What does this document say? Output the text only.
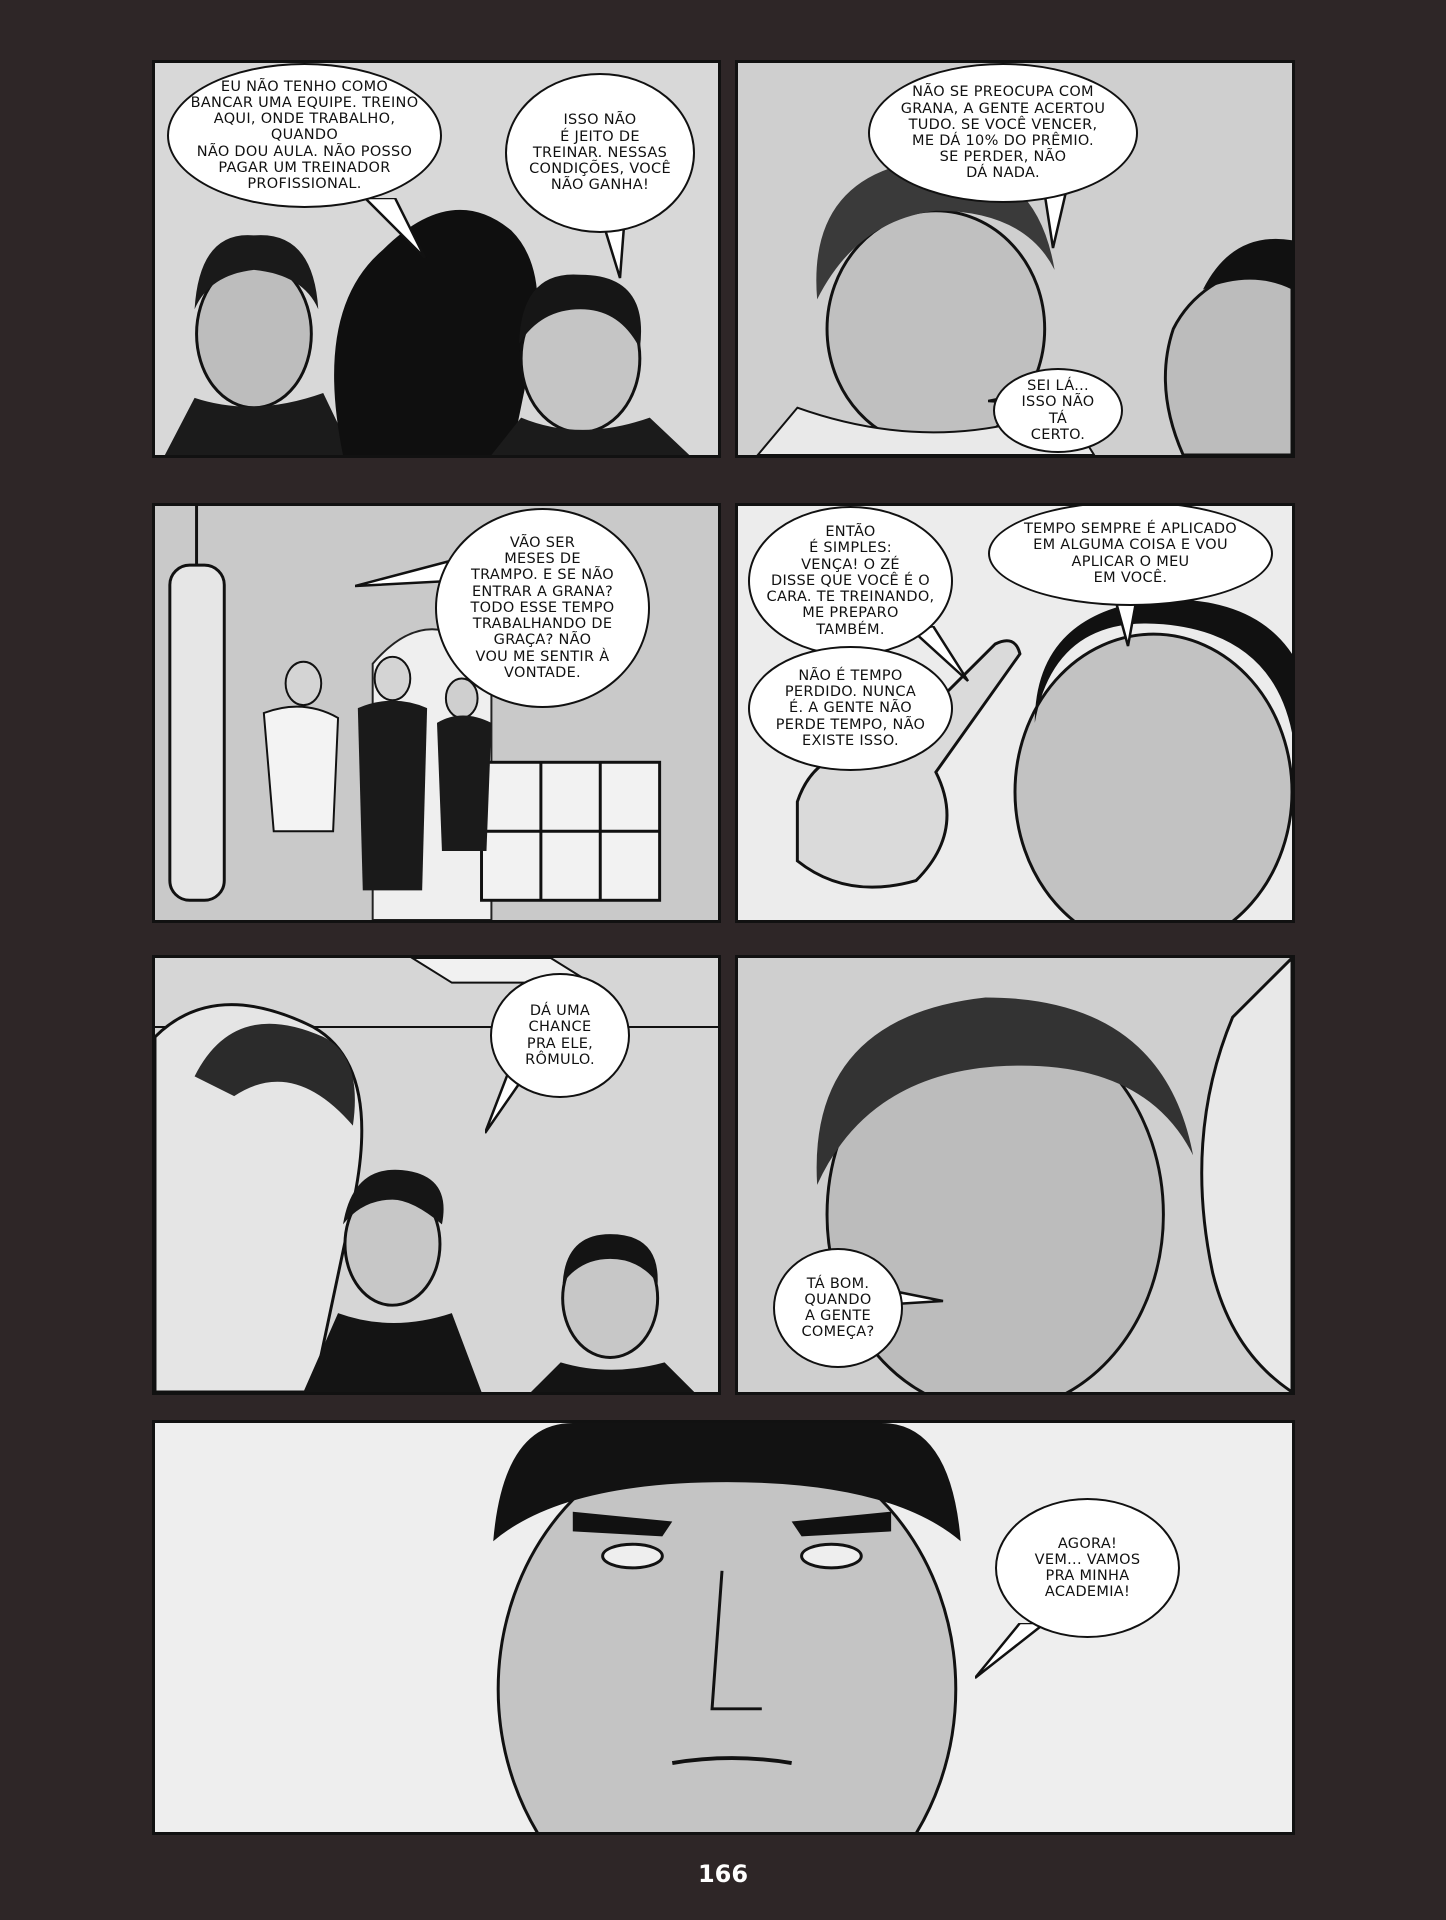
EU NÃO TENHO COMO
BANCAR UMA EQUIPE. TREINO
AQUI, ONDE TRABALHO, QUANDO
NÃO DOU AULA. NÃO POSSO
PAGAR UM TREINADOR
PROFISSIONAL.
ISSO NÃO
É JEITO DE
TREINAR. NESSAS
CONDIÇÕES, VOCÊ
NÃO GANHA!
NÃO SE PREOCUPA COM
GRANA, A GENTE ACERTOU
TUDO. SE VOCÊ VENCER,
ME DÁ 10% DO PRÊMIO.
SE PERDER, NÃO
DÁ NADA.
SEI LÁ...
ISSO NÃO TÁ
CERTO.
VÃO SER
MESES DE
TRAMPO. E SE NÃO
ENTRAR A GRANA?
TODO ESSE TEMPO
TRABALHANDO DE
GRAÇA? NÃO
VOU ME SENTIR À
VONTADE.
ENTÃO
É SIMPLES:
VENÇA! O ZÉ
DISSE QUE VOCÊ É O
CARA. TE TREINANDO,
ME PREPARO
TAMBÉM.
NÃO É TEMPO
PERDIDO. NUNCA
É. A GENTE NÃO
PERDE TEMPO, NÃO
EXISTE ISSO.
TEMPO SEMPRE É APLICADO
EM ALGUMA COISA E VOU
APLICAR O MEU
EM VOCÊ.
DÁ UMA
CHANCE
PRA ELE,
RÔMULO.
TÁ BOM.
QUANDO
A GENTE
COMEÇA?
AGORA!
VEM... VAMOS
PRA MINHA
ACADEMIA!
166
